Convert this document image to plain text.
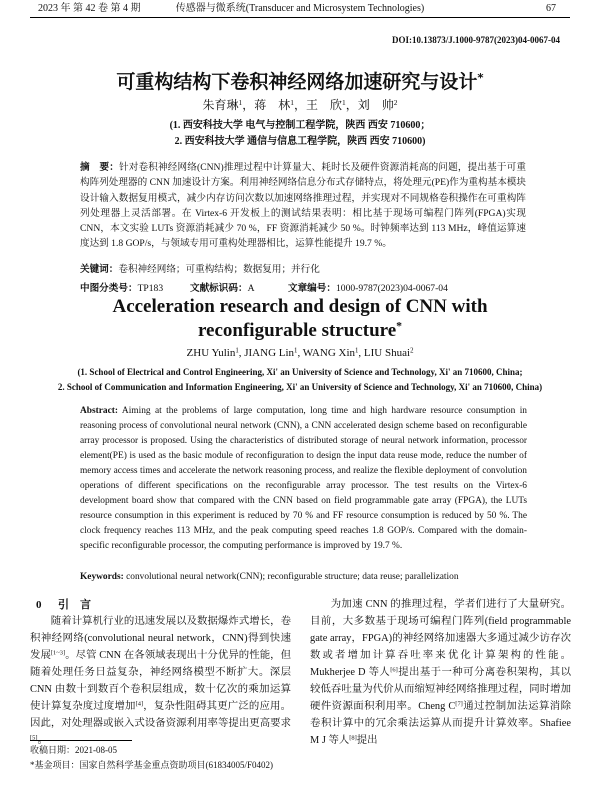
2023 年 第 42 卷 第 4 期	传感器与微系统(Transducer and Microsystem Technologies)	67
DOI:10.13873/J.1000-9787(2023)04-0067-04
可重构结构下卷积神经网络加速研究与设计*
朱育琳$^1$，蒋　林$^1$，王　欣$^1$，刘　帅$^2$
(1. 西安科技大学 电气与控制工程学院，陕西 西安 710600；
2. 西安科技大学 通信与信息工程学院，陕西 西安 710600)
摘　要：针对卷积神经网络(CNN)推理过程中计算量大、耗时长及硬件资源消耗高的问题，提出基于可重构阵列处理器的 CNN 加速设计方案。利用神经网络信息分布式存储特点，将处理元(PE)作为重构基本模块设计输入数据复用模式，减少内存访问次数以加速网络推理过程，并实现对不同规格卷积操作在可重构阵列处理器上灵活部署。在 Virtex-6 开发板上的测试结果表明：相比基于现场可编程门阵列(FPGA)实现 CNN，本文实验 LUTs 资源消耗减少 70 %，FF 资源消耗减少 50 %。时钟频率达到 113 MHz，峰值运算速度达到 1.8 GOP/s，与领域专用可重构处理器相比，运算性能提升 19.7 %。
关键词：卷积神经网络；可重构结构；数据复用；并行化
中图分类号：TP183	文献标识码：A	文章编号：1000-9787(2023)04-0067-04
Acceleration research and design of CNN with reconfigurable structure*
ZHU Yulin$^1$, JIANG Lin$^1$, WANG Xin$^1$, LIU Shuai$^2$
(1. School of Electrical and Control Engineering, Xi' an University of Science and Technology, Xi' an 710600, China;
2. School of Communication and Information Engineering, Xi' an University of Science and Technology, Xi' an 710600, China)
Abstract: Aiming at the problems of large computation, long time and high hardware resource consumption in reasoning process of convolutional neural network (CNN), a CNN accelerated design scheme based on reconfigurable array processor is proposed. Using the characteristics of distributed storage of neural network information, processor element(PE) is used as the basic module of reconfiguration to design the input data reuse mode, reduce the number of memory access times and accelerate the network reasoning process, and realize the flexible deployment of convolution operations of different specifications on the reconfigurable array processor. The test results on the Virtex-6 development board show that compared with the CNN based on field programmable gate array (FPGA), the LUTs resource consumption in this experiment is reduced by 70 % and FF resource consumption is reduced by 50 %. The clock frequency reaches 113 MHz, and the peak computing speed reaches 1.8 GOP/s. Compared with the domain-specific reconfigurable processor, the computing performance is improved by 19.7 %.
Keywords: convolutional neural network(CNN); reconfigurable structure; data reuse; parallelization
0 引　言
随着计算机行业的迅速发展以及数据爆炸式增长，卷积神经网络(convolutional neural network，CNN)得到快速发展[1~3]。尽管 CNN 在各领域表现出十分优异的性能，但随着处理任务日益复杂，神经网络模型不断扩大。深层 CNN 由数十到数百个卷积层组成，数十亿次的乘加运算使计算复杂度过度增加[4]，复杂性阻碍其更广泛的应用。因此，对处理器或嵌入式设备资源利用率等提出更高要求[5]。
为加速 CNN 的推理过程，学者们进行了大量研究。目前，大多数基于现场可编程门阵列(field programmable gate array，FPGA)的神经网络加速器大多通过减少访存次数或者增加计算吞吐率来优化计算架构的性能。Mukherjee D 等人[6]提出基于一种可分离卷积架构，其以较低吞吐量为代价从而缩短神经网络推理过程，同时增加硬件资源面积利用率。Cheng C[7]通过控制加法运算消除卷积计算中的冗余乘法运算从而提升计算效率。Shafiee M J 等人[8]提出
收稿日期：2021-08-05
*基金项目：国家自然科学基金重点资助项目(61834005/F0402)
